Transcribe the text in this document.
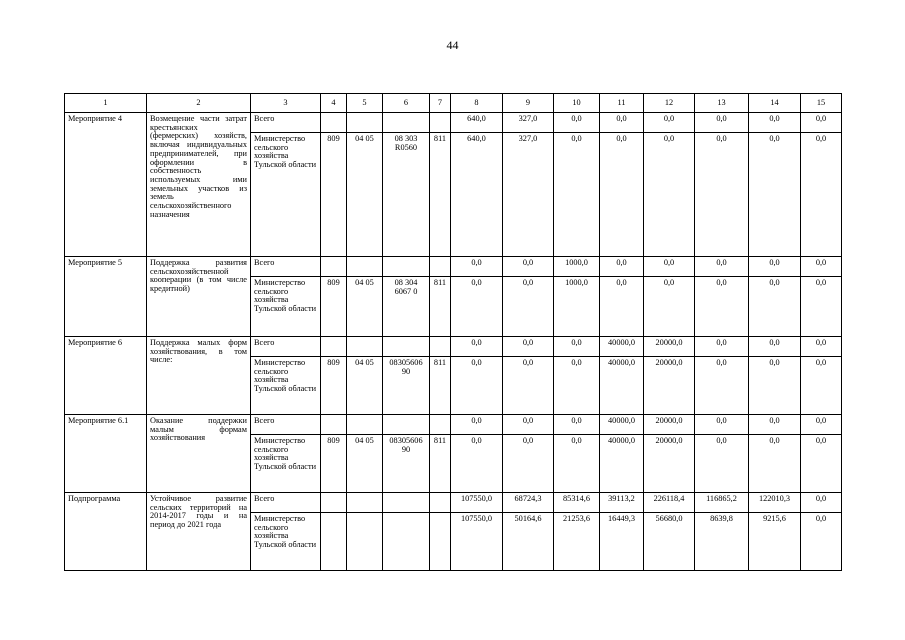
44
1	2	3	4	5	6	7	8	9	10	11	12	13	14	15
Мероприятие 4	Возмещение части затрат крестьянских (фермерских) хозяйств, включая индивидуальных предпринимателей, при оформлении в собственность используемых ими земельных участков из земель сельскохозяйственного назначения	Всего					640,0	327,0	0,0	0,0	0,0	0,0	0,0	0,0
		Министерство сельского хозяйства Тульской области	809	04 05	08 303 R0560	811	640,0	327,0	0,0	0,0	0,0	0,0	0,0	0,0
Мероприятие 5	Поддержка развития сельскохозяйственной кооперации (в том числе кредитной)	Всего					0,0	0,0	1000,0	0,0	0,0	0,0	0,0	0,0
		Министерство сельского хозяйства Тульской области	809	04 05	08 304 6067 0	811	0,0	0,0	1000,0	0,0	0,0	0,0	0,0	0,0
Мероприятие 6	Поддержка малых форм хозяйствования, в том числе:	Всего					0,0	0,0	0,0	40000,0	20000,0	0,0	0,0	0,0
		Министерство сельского хозяйства Тульской области	809	04 05	08305606 90	811	0,0	0,0	0,0	40000,0	20000,0	0,0	0,0	0,0
Мероприятие 6.1	Оказание поддержки малым формам хозяйствования	Всего					0,0	0,0	0,0	40000,0	20000,0	0,0	0,0	0,0
		Министерство сельского хозяйства Тульской области	809	04 05	08305606 90	811	0,0	0,0	0,0	40000,0	20000,0	0,0	0,0	0,0
Подпрограмма	Устойчивое развитие сельских территорий на 2014-2017 годы и на период до 2021 года	Всего					107550,0	68724,3	85314,6	39113,2	226118,4	116865,2	122010,3	0,0
		Министерство сельского хозяйства Тульской области					107550,0	50164,6	21253,6	16449,3	56680,0	8639,8	9215,6	0,0
